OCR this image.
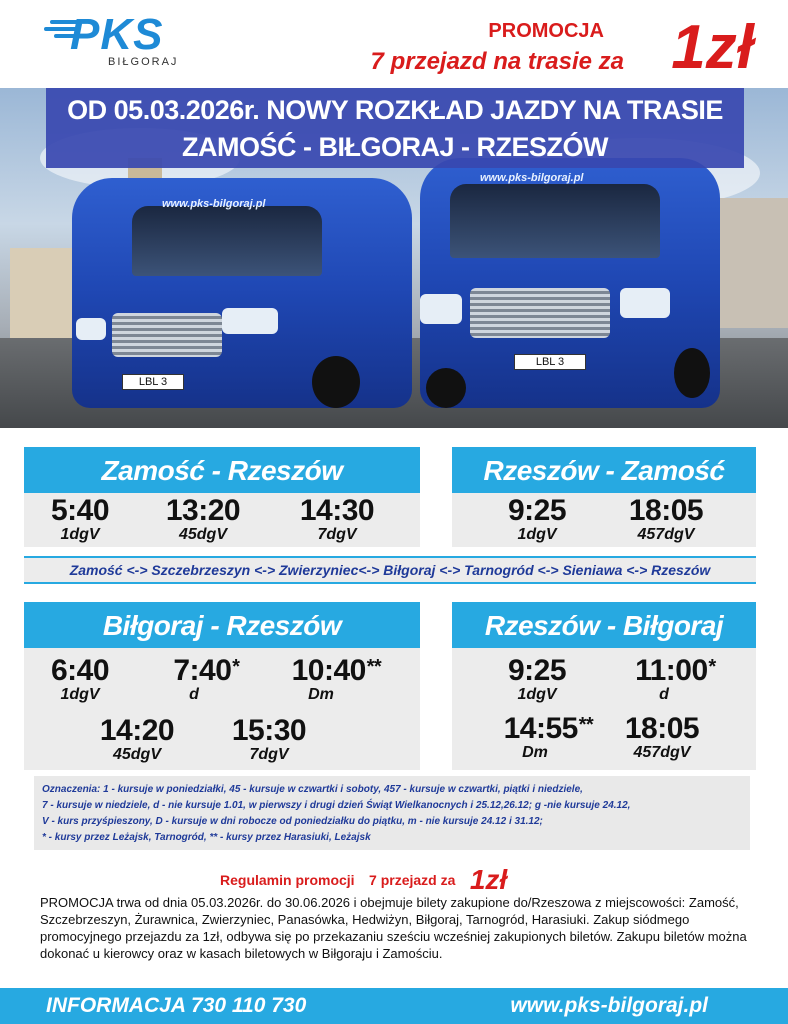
PKS
BIŁGORAJ
PROMOCJA
7 przejazd na trasie za 1zł
www.pks-bilgoraj.pl
LBL 3
www.pks-bilgoraj.pl
LBL 3
OD 05.03.2026r. NOWY ROZKŁAD JAZDY NA TRASIE
ZAMOŚĆ - BIŁGORAJ - RZESZÓW
Zamość - Rzeszów
5:40
1dgV
13:20
45dgV
14:30
7dgV
Rzeszów - Zamość
9:25
1dgV
18:05
457dgV
Zamość <-> Szczebrzeszyn <-> Zwierzyniec<-> Biłgoraj <-> Tarnogród <-> Sieniawa <-> Rzeszów
Biłgoraj - Rzeszów
6:40
1dgV
7:40*
d
10:40**
Dm
14:20
45dgV
15:30
7dgV
Rzeszów - Biłgoraj
9:25
1dgV
11:00*
d
14:55**
Dm
18:05
457dgV
Oznaczenia: 1 - kursuje w poniedziałki, 45 - kursuje w czwartki i soboty, 457 - kursuje w czwartki, piątki i niedziele,
7 - kursuje w niedziele, d - nie kursuje 1.01, w pierwszy i drugi dzień Świąt Wielkanocnych i 25.12,26.12; g -nie kursuje 24.12,
V - kurs przyśpieszony, D - kursuje w dni robocze od poniedziałku do piątku, m - nie kursuje 24.12 i 31.12;
* - kursy przez Leżajsk, Tarnogród, ** - kursy przez Harasiuki, Leżajsk
Regulamin promocji 7 przejazd za 1zł
PROMOCJA trwa od dnia 05.03.2026r. do 30.06.2026 i obejmuje bilety zakupione do/Rzeszowa z miejscowości: Zamość, Szczebrzeszyn, Żurawnica, Zwierzyniec, Panasówka, Hedwiżyn, Biłgoraj, Tarnogród, Harasiuki. Zakup siódmego promocyjnego przejazdu za 1zł, odbywa się po przekazaniu sześciu wcześniej zakupionych biletów. Zakupu biletów można dokonać u kierowcy oraz w kasach biletowych w Biłgoraju i Zamościu.
INFORMACJA 730 110 730	www.pks-bilgoraj.pl
